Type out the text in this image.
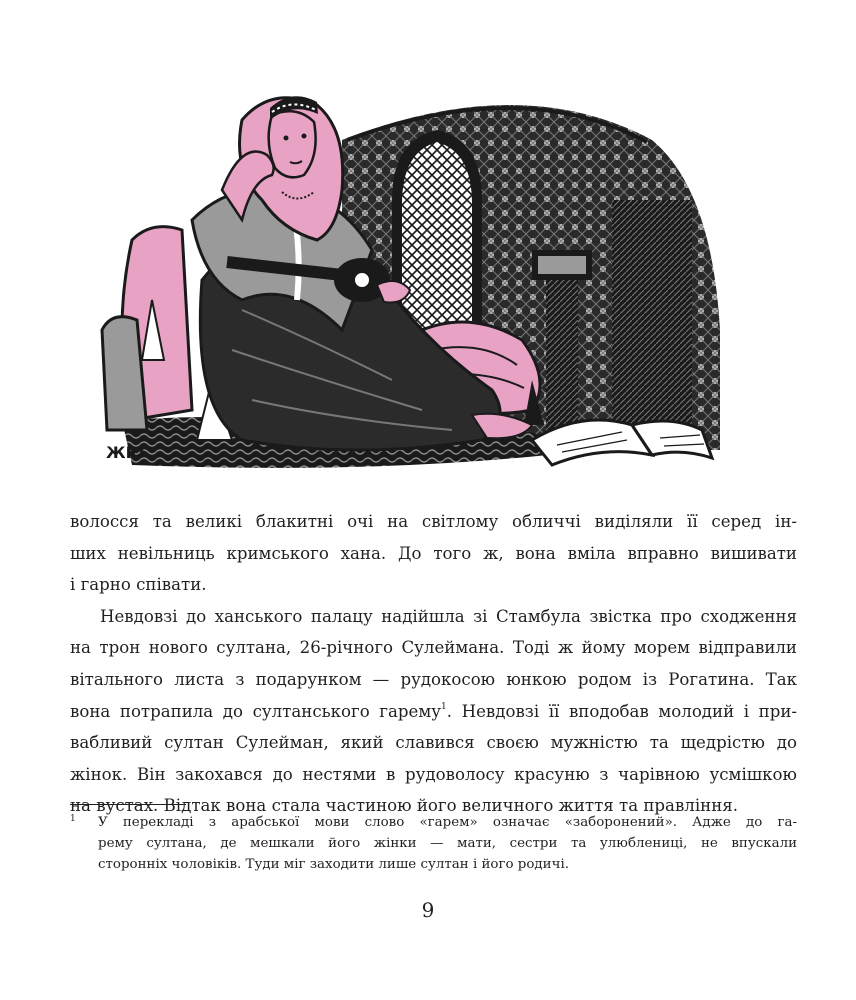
ЖЮ

волосся та великі блакитні очі на світлому обличчі виділяли її серед ін-

ших невільниць кримського хана. До того ж, вона вміла вправно вишивати

і гарно співати.

Невдовзі до ханського палацу надійшла зі Стамбула звістка про сходження

на трон нового султана, 26-річного Сулеймана. Тоді ж йому морем відправили

вітального листа з подарунком — рудокосою юнкою родом із Рогатина. Так

вона потрапила до султанського гарему$^1$. Невдовзі її вподобав молодий і при-

вабливий султан Сулейман, який славився своєю мужністю та щедрістю до

жінок. Він закохався до нестями в рудоволосу красуню з чарівною усмішкою

на вустах. Відтак вона стала частиною його величного життя та правління.

1 У перекладі з арабської мови слово «гарем» означає «заборонений». Адже до га-
рему султана, де мешкали його жінки — мати, сестри та улюблениці, не впускали
сторонніх чоловіків. Туди міг заходити лише султан і його родичі.
9
